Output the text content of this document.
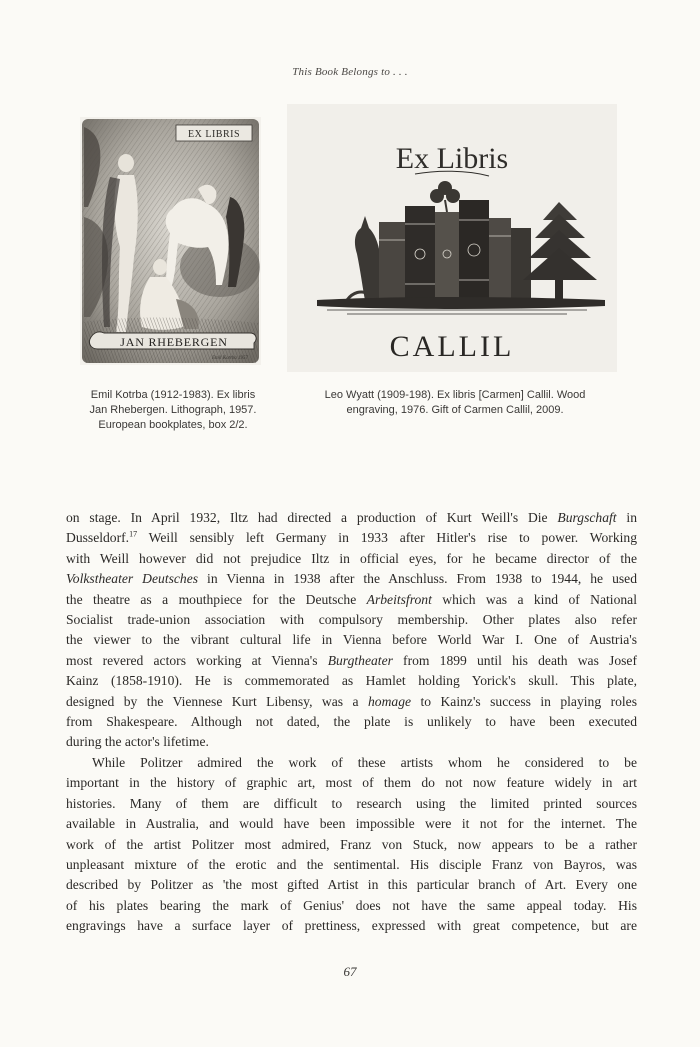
This Book Belongs to . . .
EX LIBRIS
JAN RHEBERGEN
Emil Kotrba 1957
Ex Libris
CALLIL
Emil Kotrba (1912-1983). Ex libris
Jan Rhebergen. Lithograph, 1957.
European bookplates, box 2/2.
Leo Wyatt (1909-198). Ex libris [Carmen] Callil. Wood
engraving, 1976. Gift of Carmen Callil, 2009.
on stage. In April 1932, Iltz had directed a production of Kurt Weill's Die Burgschaft in
Dusseldorf.$^{17}$ Weill sensibly left Germany in 1933 after Hitler's rise to power. Working
with Weill however did not prejudice Iltz in official eyes, for he became director of the
Volkstheater Deutsches in Vienna in 1938 after the Anschluss. From 1938 to 1944, he used
the theatre as a mouthpiece for the Deutsche Arbeitsfront which was a kind of National
Socialist trade-union association with compulsory membership. Other plates also refer
the viewer to the vibrant cultural life in Vienna before World War I. One of Austria's
most revered actors working at Vienna's Burgtheater from 1899 until his death was Josef
Kainz (1858-1910). He is commemorated as Hamlet holding Yorick's skull. This plate,
designed by the Viennese Kurt Libensy, was a homage to Kainz's success in playing roles
from Shakespeare. Although not dated, the plate is unlikely to have been executed
during the actor's lifetime.
While Politzer admired the work of these artists whom he considered to be
important in the history of graphic art, most of them do not now feature widely in art
histories. Many of them are difficult to research using the limited printed sources
available in Australia, and would have been impossible were it not for the internet. The
work of the artist Politzer most admired, Franz von Stuck, now appears to be a rather
unpleasant mixture of the erotic and the sentimental. His disciple Franz von Bayros, was
described by Politzer as 'the most gifted Artist in this particular branch of Art. Every one
of his plates bearing the mark of Genius' does not have the same appeal today. His
engravings have a surface layer of prettiness, expressed with great competence, but are
67
